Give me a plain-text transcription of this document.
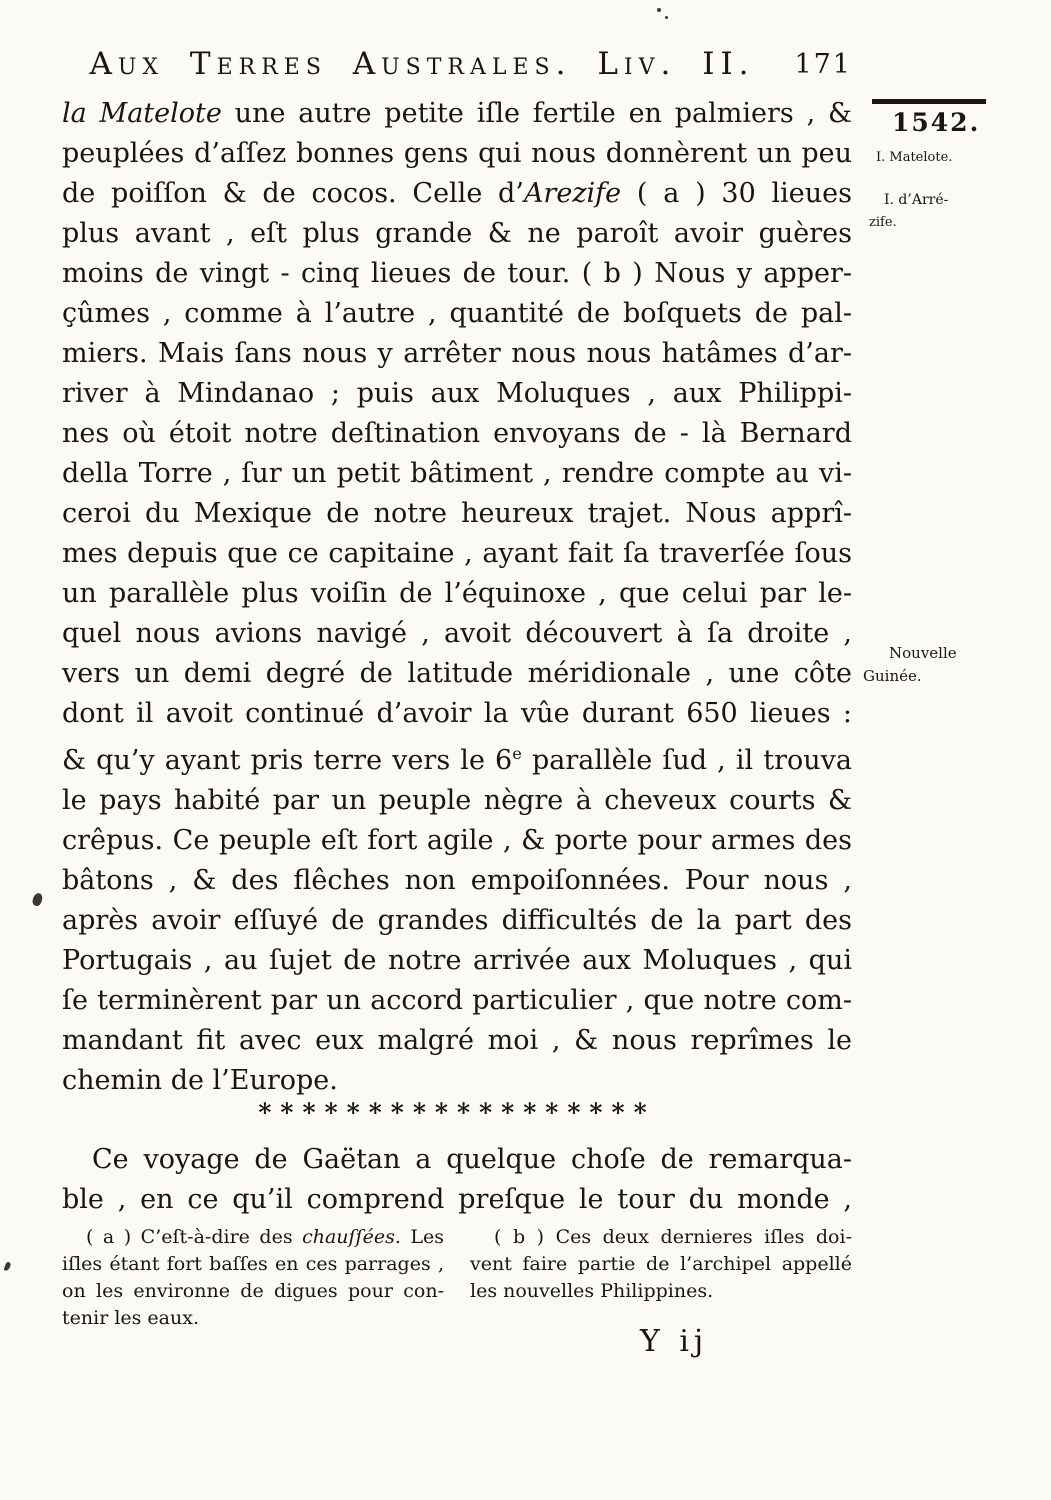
Aux Terres Australes. Liv. II.	171
1542.
I. Matelote.
I. d’Arré-
zife.
Nouvelle
Guinée.
la Matelote une autre petite iſle fertile en palmiers , &
peuplées d’aſſez bonnes gens qui nous donnèrent un peu
de poiſſon & de cocos. Celle d’Arezife ( a ) 30 lieues
plus avant , eſt plus grande & ne paroît avoir guères
moins de vingt - cinq lieues de tour. ( b ) Nous y apper-
çûmes , comme à l’autre , quantité de boſquets de pal-
miers. Mais ſans nous y arrêter nous nous hatâmes d’ar-
river à Mindanao ; puis aux Moluques , aux Philippi-
nes où étoit notre deſtination envoyans de - là Bernard
della Torre , ſur un petit bâtiment , rendre compte au vi-
ceroi du Mexique de notre heureux trajet. Nous apprî-
mes depuis que ce capitaine , ayant fait ſa traverſée ſous
un parallèle plus voiſin de l’équinoxe , que celui par le-
quel nous avions navigé , avoit découvert à ſa droite ,
vers un demi degré de latitude méridionale , une côte
dont il avoit continué d’avoir la vûe durant 650 lieues :
& qu’y ayant pris terre vers le 6e parallèle ſud , il trouva
le pays habité par un peuple nègre à cheveux courts &
crêpus. Ce peuple eſt fort agile , & porte pour armes des
bâtons , & des flêches non empoiſonnées. Pour nous ,
après avoir eſſuyé de grandes difficultés de la part des
Portugais , au ſujet de notre arrivée aux Moluques , qui
ſe terminèrent par un accord particulier , que notre com-
mandant fit avec eux malgré moi , & nous reprîmes le
chemin de l’Europe.
******************
Ce voyage de Gaëtan a quelque choſe de remarqua-
ble , en ce qu’il comprend preſque le tour du monde ,
( a ) C’eſt-à-dire des chauſſées. Les
iſles étant fort baſſes en ces parrages ,
on les environne de digues pour con-
tenir les eaux.
( b ) Ces deux dernieres iſles doi-
vent faire partie de l’archipel appellé
les nouvelles Philippines.
Y ij
